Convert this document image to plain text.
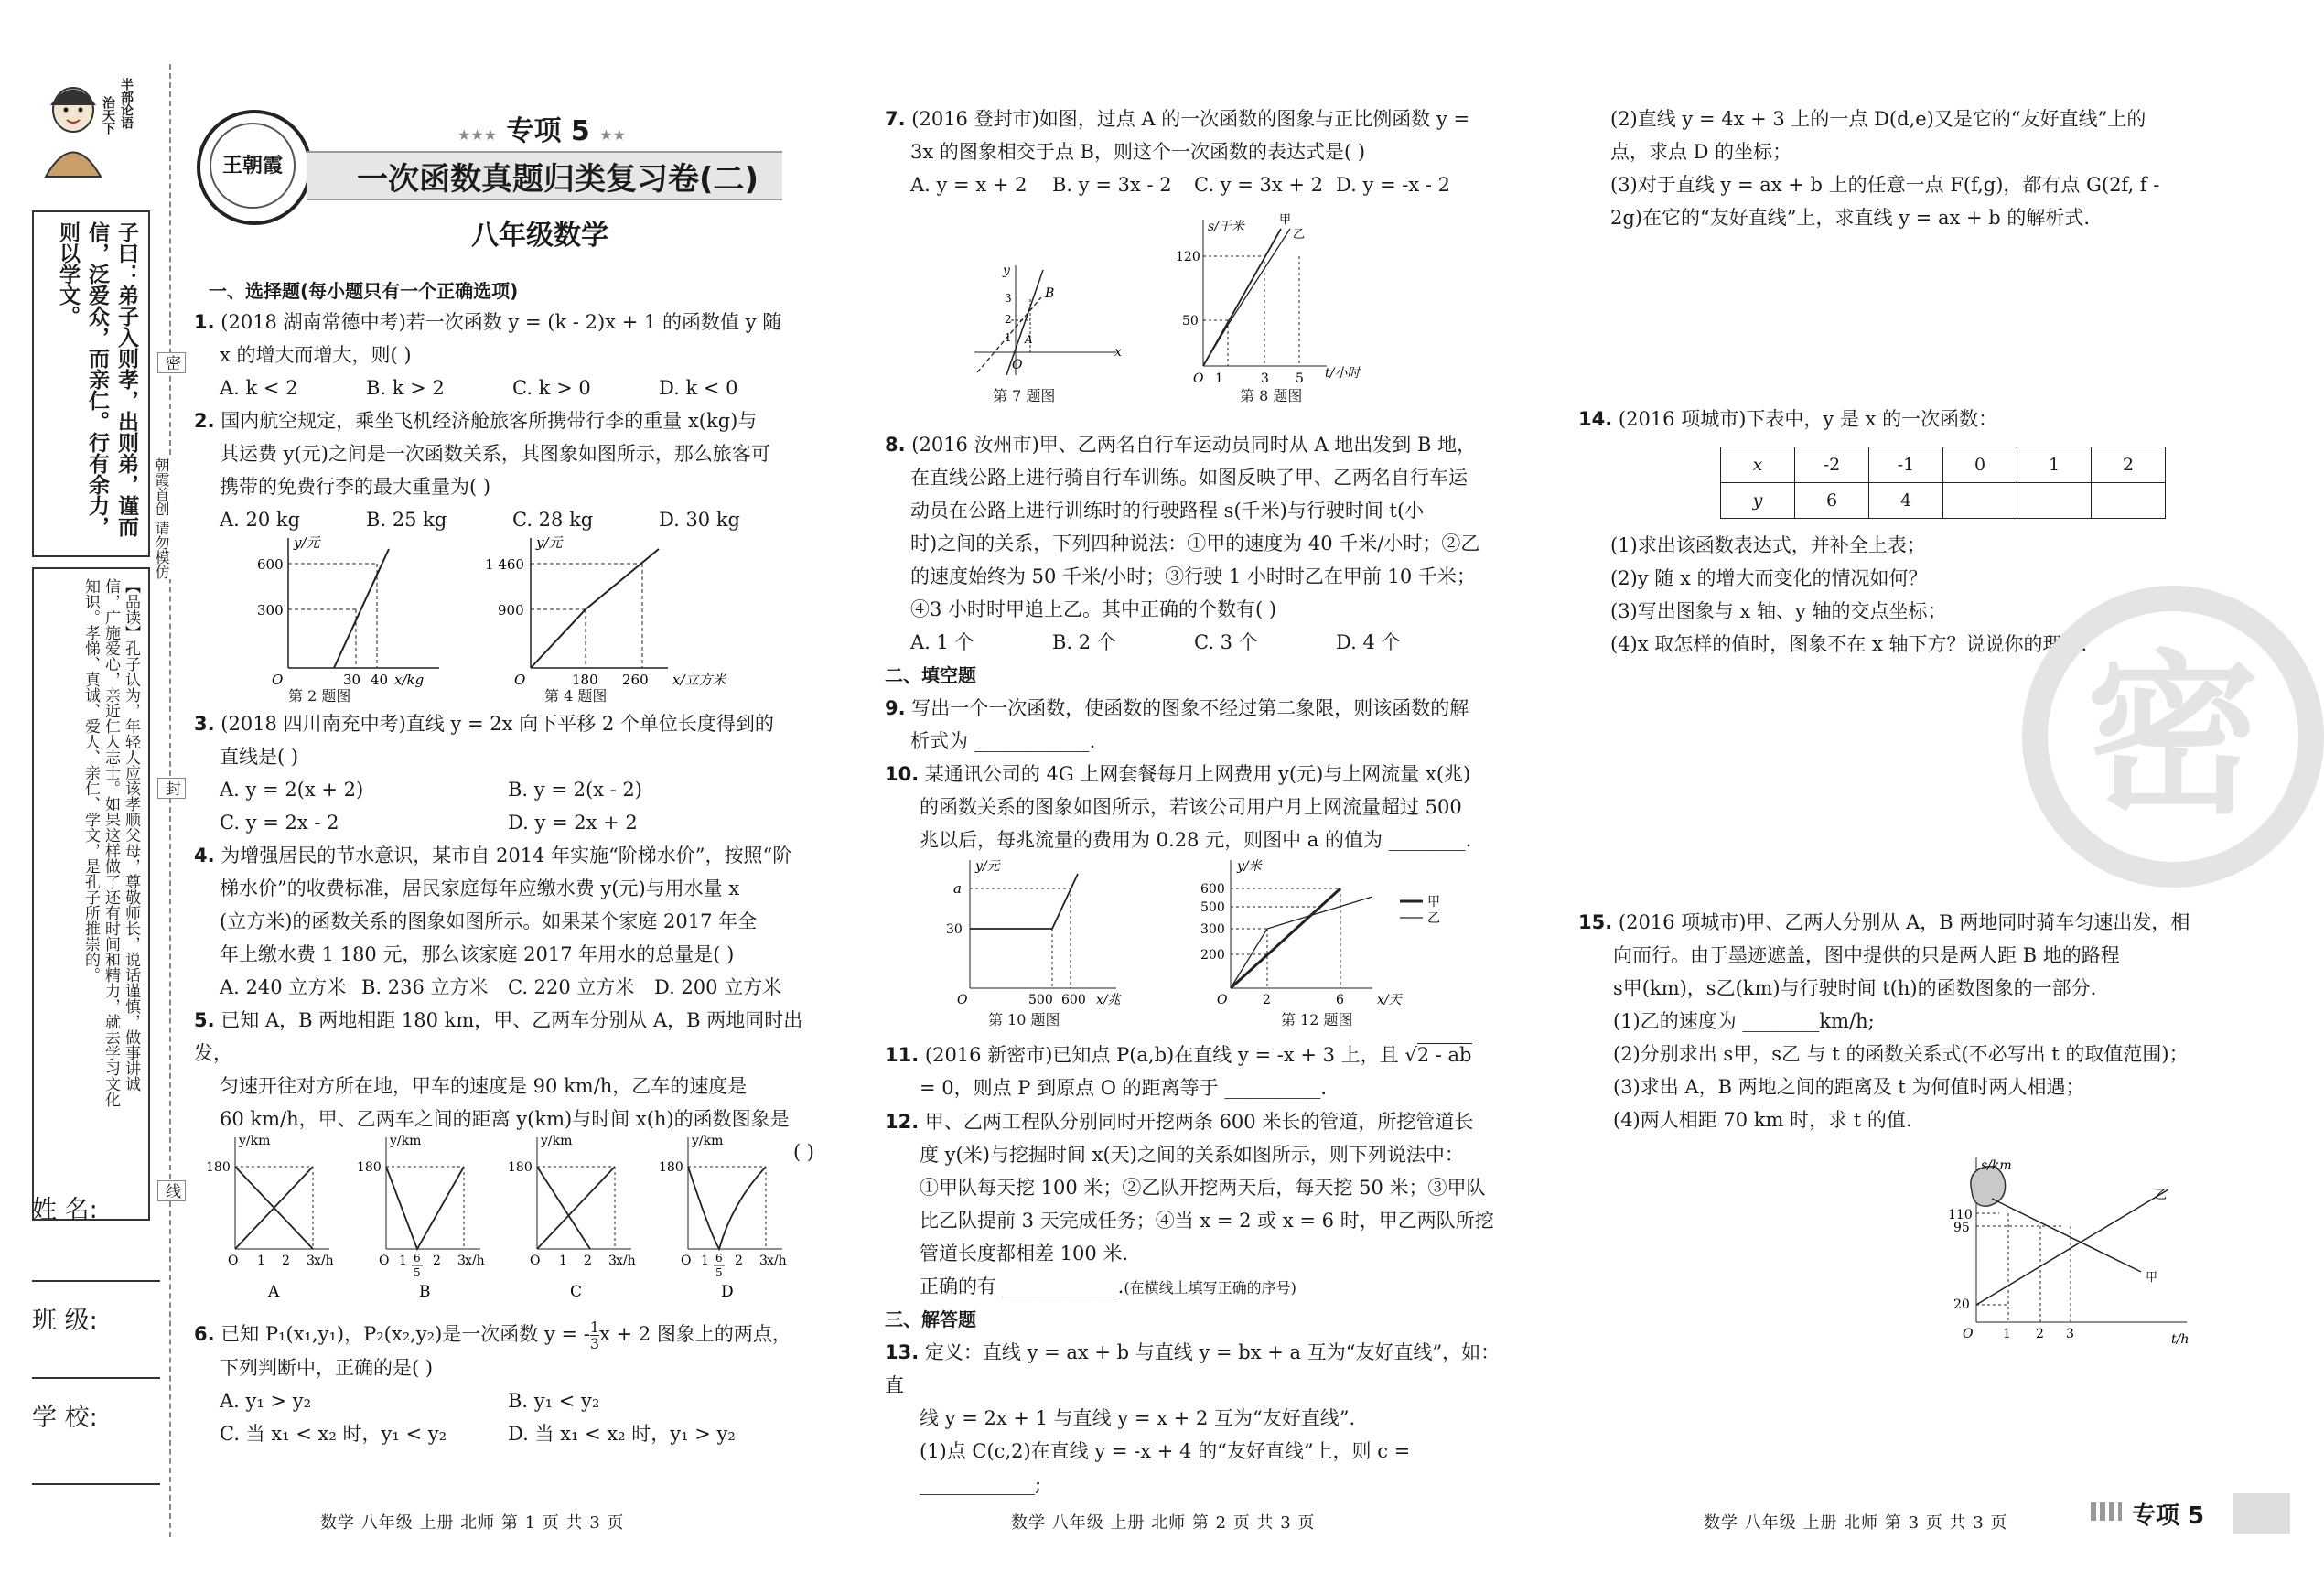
半部论语
治天下
子曰：弟子入则孝，出则弟，谨而信，泛爱众，而亲仁。行有余力，则以学文。
【品读】孔子认为，年轻人应该孝顺父母，尊敬师长，说话谨慎，做事讲诚信，广施爱心，亲近仁人志士。如果这样做了还有时间和精力，就去学习文化知识。孝悌、真诚、爱人、亲仁、学文，是孔子所推崇的。
密
朝霞首创 请勿模仿
封
线
姓 名:
班 级:
学 校:
王朝霞
★★★ 专项 5 ★★
一次函数真题归类复习卷(二)
八年级数学
一、选择题(每小题只有一个正确选项)

1. (2018 湖南常德中考)若一次函数 y = (k - 2)x + 1 的函数值 y 随

x 的增大而增大，则( )

A. k < 2	B. k > 2	C. k > 0	D. k < 0

2. 国内航空规定，乘坐飞机经济舱旅客所携带行李的重量 x(kg)与

其运费 y(元)之间是一次函数关系，其图象如图所示，那么旅客可

携带的免费行李的最大重量为( )

A. 20 kg	B. 25 kg	C. 28 kg	D. 30 kg

y/元
600
300
30 40 x/kg
O
第 2 题图
y/元
1 460
900
180 260 x/立方米
O
第 4 题图

3. (2018 四川南充中考)直线 y = 2x 向下平移 2 个单位长度得到的

直线是( )

A. y = 2(x + 2)	B. y = 2(x - 2)

C. y = 2x - 2	D. y = 2x + 2

4. 为增强居民的节水意识，某市自 2014 年实施“阶梯水价”，按照“阶

梯水价”的收费标准，居民家庭每年应缴水费 y(元)与用水量 x

(立方米)的函数关系的图象如图所示。如果某个家庭 2017 年全

年上缴水费 1 180 元，那么该家庭 2017 年用水的总量是( )

A. 240 立方米 B. 236 立方米 C. 220 立方米 D. 200 立方米

5. 已知 A，B 两地相距 180 km，甲、乙两车分别从 A，B 两地同时出发，

匀速开往对方所在地，甲车的速度是 90 km/h，乙车的速度是

60 km/h，甲、乙两车之间的距离 y(km)与时间 x(h)的函数图象是

( )

y/km
180
O 1 2 3 x/h
A
y/km
180
O 1 6
5
2 3 x/h
B
y/km
180
O 1 2 3 x/h
C
y/km
180
O 1 6
5
2 3 x/h
D

6. 已知 P₁(x₁,y₁)，P₂(x₂,y₂)是一次函数 y = - $\frac{1}{3}$ x + 2 图象上的两点，

下列判断中，正确的是( )

A. y₁ > y₂	B. y₁ < y₂

C. 当 x₁ < x₂ 时，y₁ < y₂	D. 当 x₁ < x₂ 时，y₁ > y₂

数学 八年级 上册 北师 第 1 页 共 3 页

7. (2016 登封市)如图，过点 A 的一次函数的图象与正比例函数 y =

3x 的图象相交于点 B，则这个一次函数的表达式是( )

A. y = x + 2 B. y = 3x - 2 C. y = 3x + 2 D. y = -x - 2

y
x
B
O
3
2
1 A
第 7 题图
s/千米
120
50
O 1	3 5 t/小时
甲
乙
第 8 题图

8. (2016 汝州市)甲、乙两名自行车运动员同时从 A 地出发到 B 地，

在直线公路上进行骑自行车训练。如图反映了甲、乙两名自行车运

动员在公路上进行训练时的行驶路程 s(千米)与行驶时间 t(小

时)之间的关系，下列四种说法：①甲的速度为 40 千米/小时；②乙

的速度始终为 50 千米/小时；③行驶 1 小时时乙在甲前 10 千米；

④3 小时时甲追上乙。其中正确的个数有( )

A. 1 个	B. 2 个	C. 3 个	D. 4 个

二、填空题

9. 写出一个一次函数，使函数的图象不经过第二象限，则该函数的解

析式为 ____________.

10. 某通讯公司的 4G 上网套餐每月上网费用 y(元)与上网流量 x(兆)

的函数关系的图象如图所示，若该公司用户月上网流量超过 500

兆以后，每兆流量的费用为 0.28 元，则图中 a 的值为 ________.

y/元
a
30
O	500 600 x/兆
第 10 题图
y/米
600
500
300
200
O	2	6	x/天
甲
乙
第 12 题图

11. (2016 新密市)已知点 P(a,b)在直线 y = -x + 3 上，且 √2 - ab

= 0，则点 P 到原点 O 的距离等于 __________.

12. 甲、乙两工程队分别同时开挖两条 600 米长的管道，所挖管道长

度 y(米)与挖掘时间 x(天)之间的关系如图所示，则下列说法中：

①甲队每天挖 100 米；②乙队开挖两天后，每天挖 50 米；③甲队

比乙队提前 3 天完成任务；④当 x = 2 或 x = 6 时，甲乙两队所挖

管道长度都相差 100 米.

正确的有 ____________.(在横线上填写正确的序号)

三、解答题

13. 定义：直线 y = ax + b 与直线 y = bx + a 互为“友好直线”，如：直

线 y = 2x + 1 与直线 y = x + 2 互为“友好直线”.

(1)点 C(c,2)在直线 y = -x + 4 的“友好直线”上，则 c =

____________;

数学 八年级 上册 北师 第 2 页 共 3 页

(2)直线 y = 4x + 3 上的一点 D(d,e)又是它的“友好直线”上的

点，求点 D 的坐标；

(3)对于直线 y = ax + b 上的任意一点 F(f,g)，都有点 G(2f, f -

2g)在它的“友好直线”上，求直线 y = ax + b 的解析式.

14. (2016 项城市)下表中，y 是 x 的一次函数：

x	-2	-1	0	1	2
y	6	4			

(1)求出该函数表达式，并补全上表；

(2)y 随 x 的增大而变化的情况如何？

(3)写出图象与 x 轴、y 轴的交点坐标；

(4)x 取怎样的值时，图象不在 x 轴下方？说说你的理由.

密

15. (2016 项城市)甲、乙两人分别从 A，B 两地同时骑车匀速出发，相

向而行。由于墨迹遮盖，图中提供的只是两人距 B 地的路程

s甲(km)，s乙(km)与行驶时间 t(h)的函数图象的一部分.

(1)乙的速度为 ________km/h;

(2)分别求出 s甲，s乙 与 t 的函数关系式(不必写出 t 的取值范围)；

(3)求出 A，B 两地之间的距离及 t 为何值时两人相遇；

(4)两人相距 70 km 时，求 t 的值.

s/km
110
95
20
O 1 2 3	t/h
甲
乙
数学 八年级 上册 北师 第 3 页 共 3 页	专项 5
